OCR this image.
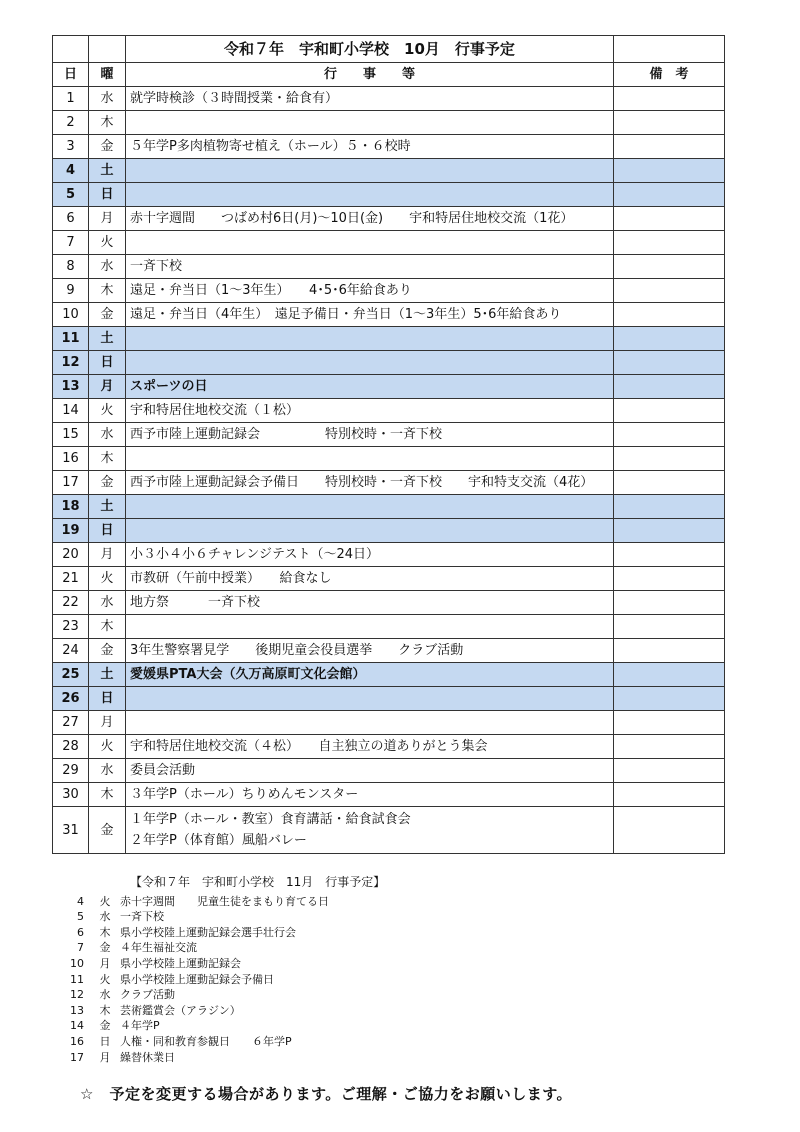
		令和７年　宇和町小学校　10月　行事予定	
日	曜	行　　事　　等	備　考
1	水	就学時検診（３時間授業・給食有）	
2	木		
3	金	５年学P多肉植物寄せ植え（ホール）５・６校時	
4	土		
5	日		
6	月	赤十字週間　　つばめ村6日(月)〜10日(金)　　宇和特居住地校交流（1花）	
7	火		
8	水	一斉下校	
9	木	遠足・弁当日（1〜3年生）　　4･5･6年給食あり	
10	金	遠足・弁当日（4年生）　遠足予備日・弁当日（1〜3年生）5･6年給食あり	
11	土		
12	日		
13	月	スポーツの日	
14	火	宇和特居住地校交流（１松）	
15	水	西予市陸上運動記録会　　　　　特別校時・一斉下校	
16	木		
17	金	西予市陸上運動記録会予備日　　特別校時・一斉下校　　宇和特支交流（4花）	
18	土		
19	日		
20	月	小３小４小６チャレンジテスト（〜24日）	
21	火	市教研（午前中授業）　　給食なし	
22	水	地方祭　　　一斉下校	
23	木		
24	金	3年生警察署見学　　後期児童会役員選挙　　クラブ活動	
25	土	愛媛県PTA大会（久万高原町文化会館）	
26	日		
27	月		
28	火	宇和特居住地校交流（４松）　　自主独立の道ありがとう集会	
29	水	委員会活動	
30	木	３年学P（ホール）ちりめんモンスター	
31	金	１年学P（ホール・教室）食育講話・給食試食会
２年学P（体育館）風船バレー	

【令和７年　宇和町小学校　11月　行事予定】
4	火 赤十字週間　　児童生徒をまもり育てる日
5	水 一斉下校
6	木 県小学校陸上運動記録会選手壮行会
7	金 ４年生福祉交流
10	月 県小学校陸上運動記録会
11	火 県小学校陸上運動記録会予備日
12	水 クラブ活動
13	木 芸術鑑賞会（アラジン）
14	金 ４年学P
16	日 人権・同和教育参観日　　６年学P
17	月 繰替休業日
☆　予定を変更する場合があります。ご理解・ご協力をお願いします。
